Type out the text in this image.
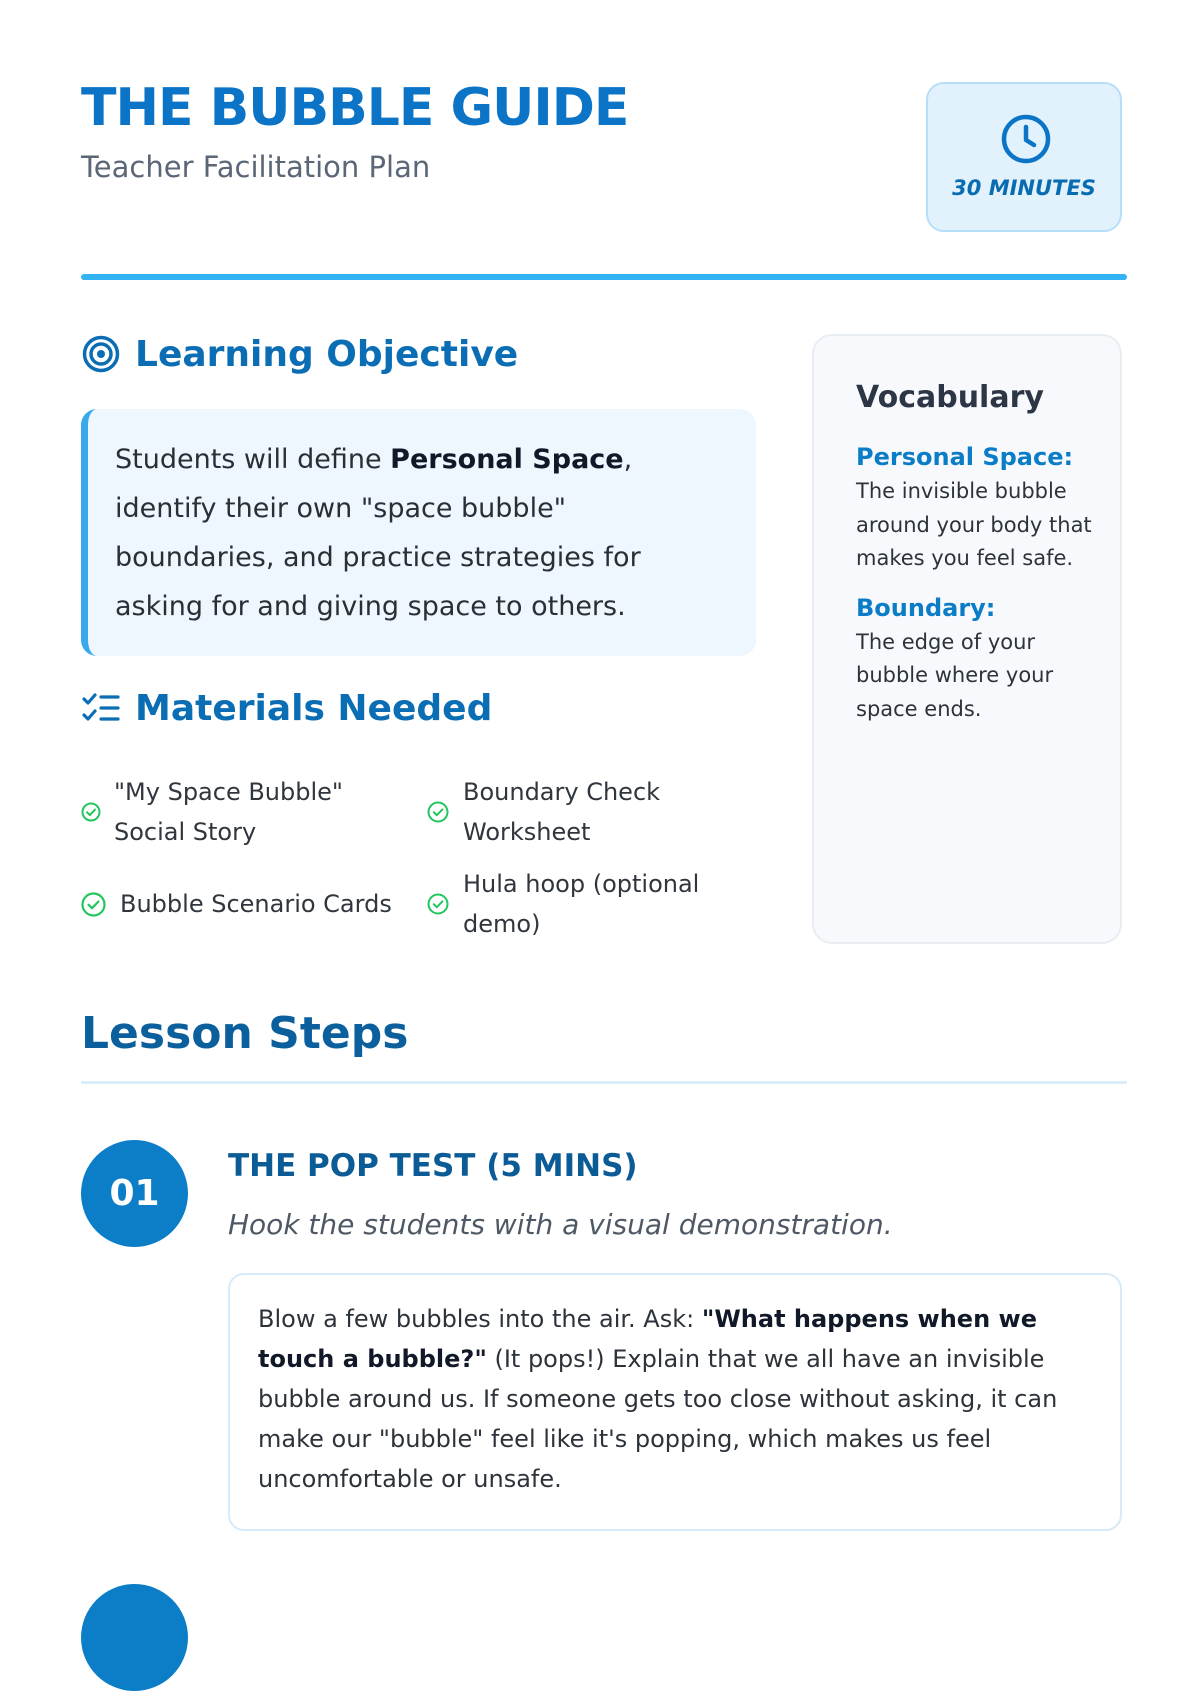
THE BUBBLE GUIDE
Teacher Facilitation Plan
30 MINUTES
Learning Objective
Students will define Personal Space, identify their own "space bubble" boundaries, and practice strategies for asking for and giving space to others.
Materials Needed
"My Space Bubble" Social Story
Boundary Check Worksheet
Bubble Scenario Cards
Hula hoop (optional demo)
Vocabulary
Personal Space:
The invisible bubble around your body that makes you feel safe.
Boundary:
The edge of your bubble where your space ends.
Lesson Steps
01
THE POP TEST (5 MINS)
Hook the students with a visual demonstration.
Blow a few bubbles into the air. Ask: "What happens when we touch a bubble?" (It pops!) Explain that we all have an invisible bubble around us. If someone gets too close without asking, it can make our "bubble" feel like it's popping, which makes us feel uncomfortable or unsafe.
